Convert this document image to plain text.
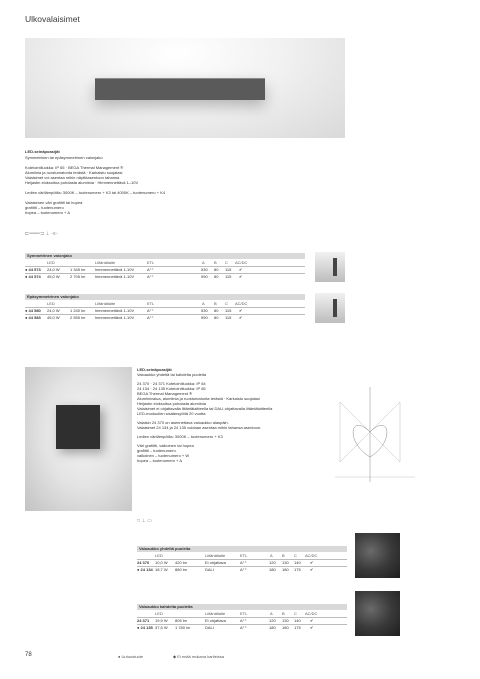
Ulkovalaisimet
LED-seinäpoasijät
Symmetrinen tai epäsymmetrinen valonjako
Kotelointiluokka: IP 65 · BEGA Thermal Management ®
Alumiinia ja ruostumatonta terästä · Karkaistu suojalasi
Valaisimet voi asentaa mihin näyttöasentoon tahansa
Heijastin eloksoitua puhdasta alumiinia · Himmennettävä 1–10V
Ledien värilämpötila: 3000K – tuotenumero + K3 tai 4000K – tuotenumero + K4
Valaisimen väri grafiitti tai hopea
grafiitti – tuotenumero
hopea – tuotenumero + A
⊏═══⊐ ⊥ ◦≡◦
Symmetrinen valonjako
LED	Liitäntälaite	ETL	A B C AC/DC
● 44 573 24,0 W	1 345 lm himmennettävä 1-10V	A⁺⁺	530 80 115 ✔
● 44 574 45,0 W	2 705 lm himmennettävä 1-10V	A⁺⁺	990 80 115 ✔
Epäsymmetrinen valonjako
LED	Liitäntälaite	ETL	A B C AC/DC
● 44 580 24,0 W	1 240 lm himmennettävä 1-10V	A⁺⁺	530 80 115 ✔
● 44 583 45,0 W	2 555 lm himmennettävä 1-10V	A⁺⁺	990 80 115 ✔
LED-seinäpoasijät
Valoaukko yhdeltä tai kahdelta puolelta
24 370 · 24 371 Kotelointiluokka: IP 64
24 134 · 24 135 Kotelointiluokka: IP 65
BEGA Thermal Management ®
Alumiinivalua, alumiinia ja ruostumatonta terästä · Karkaistu suojalasi
Heijastin eloksoitua puhdasta alumiinia
Valaisimet ei ohjattavalla liitäntälaitteella tai DALI-ohjattavalla liitäntälaitteella
LED-moduulien sisäänsyöttä 20 vuotta
Valaisin 24 370 on asennettava valoaukko alaspäin.
Valaisimet 24 134 ja 24 135 voidaan asentaa mihin tahansa asentoon.
Ledien värilämpötila: 3000K – tuotenumero + K3
Väri grafiitti, valkoinen tai hopea
grafiitti – tuotenumero
valkoinen – tuotenumero + W
hopea – tuotenumero + A
□ ⊥ ▭
Valoaukko yhdeltä puolelta
LED	Liitäntälaite	ETL	A B C AC/DC
24 370 10,0 W 420 lm	Ei ohjattava	A⁺⁺	120 130 140 ✔
● 24 134 18,7 W 880 lm	DALI	A⁺⁺	180 180 175 ✔
Valoaukko kahdelta puolelta
LED	Liitäntälaite	ETL	A B C AC/DC
24 371 19,9 W 805 lm	Ei ohjattava	A⁺⁺	120 130 140 ✔
● 24 135 37,5 W 1 780 lm	DALI	A⁺⁺	180 180 175 ✔
78	● Uutuustuote	◆ Ei enää mukana kartieissa
